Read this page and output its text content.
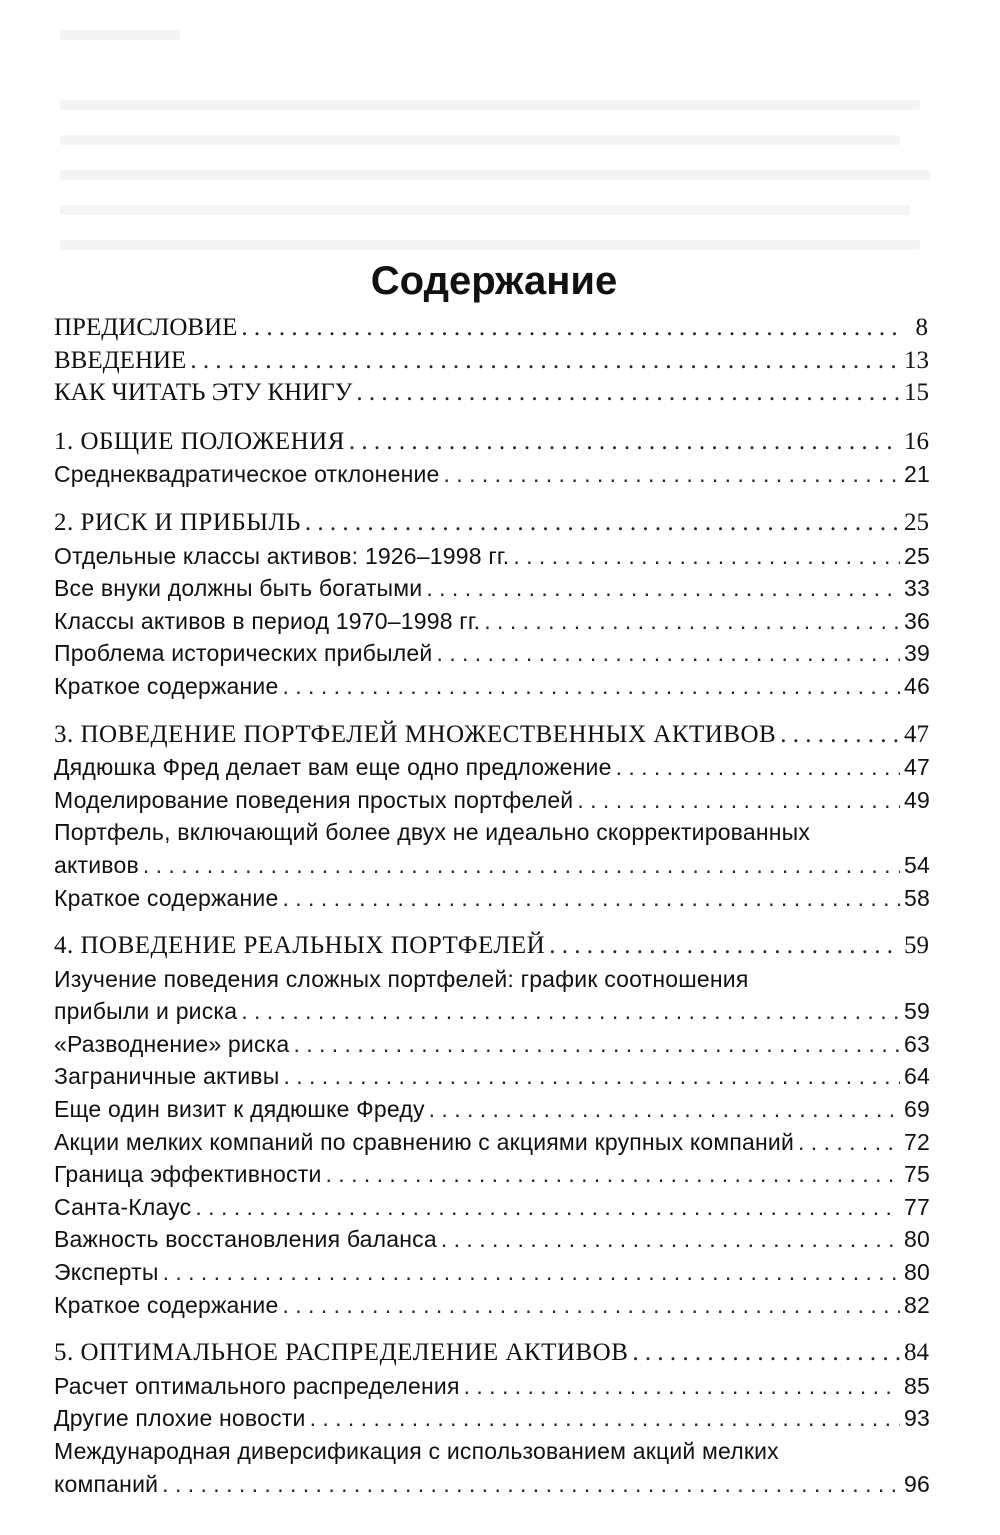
Содержание
ПРЕДИСЛОВИЕ . . .	8
ВВЕДЕНИЕ . . .	13
КАК ЧИТАТЬ ЭТУ КНИГУ . . .	15
1. ОБЩИЕ ПОЛОЖЕНИЯ . . .	16
Среднеквадратическое отклонение . . .	21
2. РИСК И ПРИБЫЛЬ . . .	25
Отдельные классы активов: 1926–1998 гг. . . .	25
Все внуки должны быть богатыми . . .	33
Классы активов в период 1970–1998 гг. . . .	36
Проблема исторических прибылей . . .	39
Краткое содержание . . .	46
3. ПОВЕДЕНИЕ ПОРТФЕЛЕЙ МНОЖЕСТВЕННЫХ АКТИВОВ . . .	47
Дядюшка Фред делает вам еще одно предложение . . .	47
Моделирование поведения простых портфелей . . .	49
Портфель, включающий более двух не идеально скорректированных
активов . . .	54
Краткое содержание . . .	58
4. ПОВЕДЕНИЕ РЕАЛЬНЫХ ПОРТФЕЛЕЙ . . .	59
Изучение поведения сложных портфелей: график соотношения
прибыли и риска . . .	59
«Разводнение» риска . . .	63
Заграничные активы . . .	64
Еще один визит к дядюшке Фреду . . .	69
Акции мелких компаний по сравнению с акциями крупных компаний . . .	72
Граница эффективности . . .	75
Санта-Клаус . . .	77
Важность восстановления баланса . . .	80
Эксперты . . .	80
Краткое содержание . . .	82
5. ОПТИМАЛЬНОЕ РАСПРЕДЕЛЕНИЕ АКТИВОВ . . .	84
Расчет оптимального распределения . . .	85
Другие плохие новости . . .	93
Международная диверсификация с использованием акций мелких
компаний . . .	96
